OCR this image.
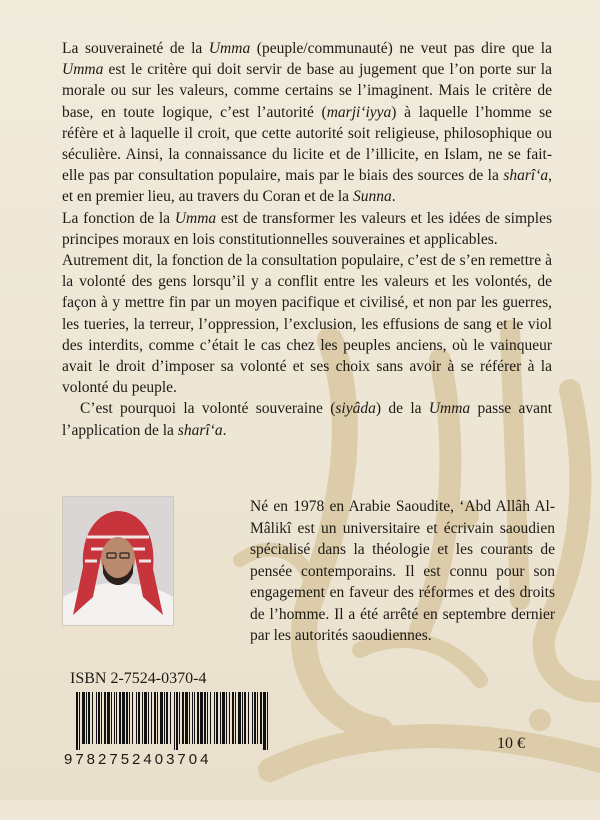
La souveraineté de la Umma (peuple/communauté) ne veut pas dire que la Umma est le critère qui doit servir de base au jugement que l’on porte sur la morale ou sur les valeurs, comme certains se l’imaginent. Mais le critère de base, en toute logique, c’est l’autorité (marji‘iyya) à laquelle l’homme se réfère et à laquelle il croit, que cette autorité soit religieuse, philosophique ou séculière. Ainsi, la connaissance du licite et de l’illicite, en Islam, ne se fait-elle pas par consultation populaire, mais par le biais des sources de la sharî‘a, et en premier lieu, au travers du Coran et de la Sunna.

La fonction de la Umma est de transformer les valeurs et les idées de simples principes moraux en lois constitutionnelles souveraines et applicables.

Autrement dit, la fonction de la consultation populaire, c’est de s’en remettre à la volonté des gens lorsqu’il y a conflit entre les valeurs et les volontés, de façon à y mettre fin par un moyen pacifique et civilisé, et non par les guerres, les tueries, la terreur, l’oppression, l’exclusion, les effusions de sang et le viol des interdits, comme c’était le cas chez les peuples anciens, où le vainqueur avait le droit d’imposer sa volonté et ses choix sans avoir à se référer à la volonté du peuple.

C’est pourquoi la volonté souveraine (siyâda) de la Umma passe avant l’application de la sharî‘a.

Né en 1978 en Arabie Saoudite, ‘Abd Allâh Al-Mâlikî est un universitaire et écrivain saoudien spécialisé dans la théologie et les courants de pensée contemporains. Il est connu pour son engagement en faveur des réformes et des droits de l’homme. Il a été arrêté en septembre dernier par les autorités saoudiennes.
ISBN 2-7524-0370-4
9782752403704
10 €
